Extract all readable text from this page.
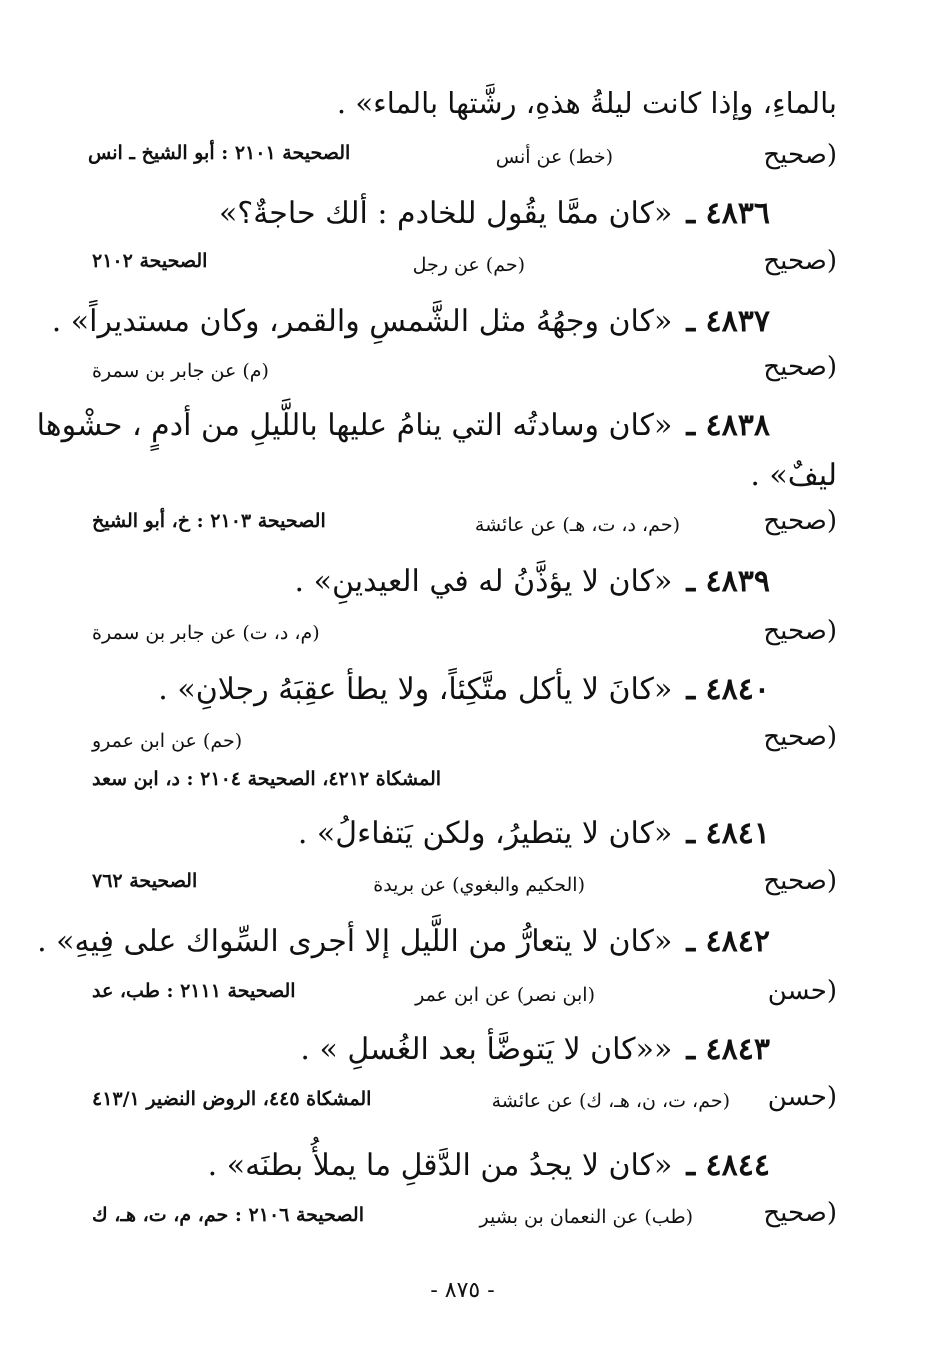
بالماءِ، وإذا كانت ليلةُ هذهِ، رشَّتها بالماء» .
(صحيح
(خط) عن أنس
الصحيحة ٢١٠١ : أبو الشيخ ـ انس
٤٨٣٦ ـ«كان ممَّا يقُول للخادم : ألك حاجةٌ؟»
(صحيح
(حم) عن رجل
الصحيحة ٢١٠٢
٤٨٣٧ ـ«كان وجهُهُ مثل الشَّمسِ والقمر، وكان مستديراً» .
(صحيح
(م) عن جابر بن سمرة
٤٨٣٨ ـ«كان وسادتُه التي ينامُ عليها باللَّيلِ من أدمٍ ، حشْوها
ليفٌ» .
(صحيح
(حم، د، ت، هـ) عن عائشة
الصحيحة ٢١٠٣ : خ، أبو الشيخ
٤٨٣٩ ـ«كان لا يؤذَّنُ له في العيدينِ» .
(صحيح
(م، د، ت) عن جابر بن سمرة
٤٨٤٠ ـ«كانَ لا يأكل متَّكِئاً، ولا يطأ عقِبَهُ رجلانِ» .
(صحيح
(حم) عن ابن عمرو
المشكاة ٤٢١٢، الصحيحة ٢١٠٤ : د، ابن سعد
٤٨٤١ ـ«كان لا يتطيرُ، ولكن يَتفاءلُ» .
(صحيح
(الحكيم والبغوي) عن بريدة
الصحيحة ٧٦٢
٤٨٤٢ ـ«كان لا يتعارُّ من اللَّيل إلا أجرى السِّواك على فِيهِ» .
(حسن
(ابن نصر) عن ابن عمر
الصحيحة ٢١١١ : طب، عد
٤٨٤٣ ـ««كان لا يَتوضَّأ بعد الغُسلِ » .
(حسن
(حم، ت، ن، هـ، ك) عن عائشة
المشكاة ٤٤٥، الروض النضير ٤١٣/١
٤٨٤٤ ـ«كان لا يجدُ من الدَّقلِ ما يملأُ بطنَه» .
(صحيح
(طب) عن النعمان بن بشير
الصحيحة ٢١٠٦ : حم، م، ت، هـ، ك
- ٨٧٥ -
